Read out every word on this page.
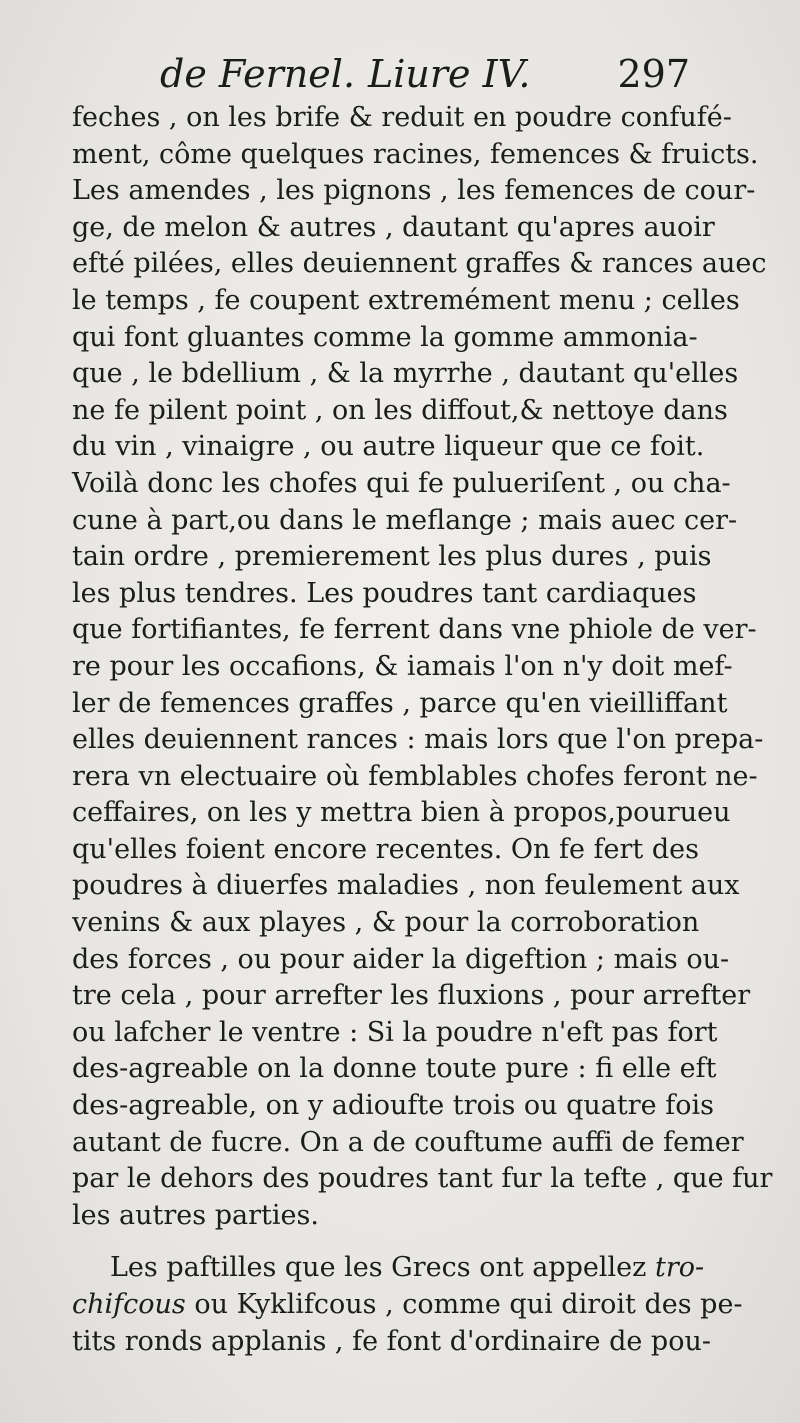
de Fernel. Liure IV. 297
feches , on les brife & reduit en poudre confufé-
ment, côme quelques racines, femences & fruicts.
Les amendes , les pignons , les femences de cour-
ge, de melon & autres , dautant qu'apres auoir
efté pilées, elles deuiennent graffes & rances auec
le temps , fe coupent extremément menu ; celles
qui font gluantes comme la gomme ammonia-
que , le bdellium , & la myrrhe , dautant qu'elles
ne fe pilent point , on les diffout,& nettoye dans
du vin , vinaigre , ou autre liqueur que ce foit.
Voilà donc les chofes qui fe pulueriſent , ou cha-
cune à part,ou dans le meflange ; mais auec cer-
tain ordre , premierement les plus dures , puis
les plus tendres. Les poudres tant cardiaques
que fortifiantes, fe ferrent dans vne phiole de ver-
re pour les occafions, & iamais l'on n'y doit mef-
ler de femences graffes , parce qu'en vieilliffant
elles deuiennent rances : mais lors que l'on prepa-
rera vn electuaire où femblables chofes feront ne-
ceffaires, on les y mettra bien à propos,pourueu
qu'elles foient encore recentes. On fe fert des
poudres à diuerfes maladies , non feulement aux
venins & aux playes , & pour la corroboration
des forces , ou pour aider la digeftion ; mais ou-
tre cela , pour arrefter les fluxions , pour arrefter
ou lafcher le ventre : Si la poudre n'eft pas fort
des-agreable on la donne toute pure : fi elle eft
des-agreable, on y adioufte trois ou quatre fois
autant de fucre. On a de couftume auffi de femer
par le dehors des poudres tant fur la tefte , que fur
les autres parties.
Les paftilles que les Grecs ont appellez tro-
chifcous ou Kyklifcous , comme qui diroit des pe-
tits ronds applanis , fe font d'ordinaire de pou-
